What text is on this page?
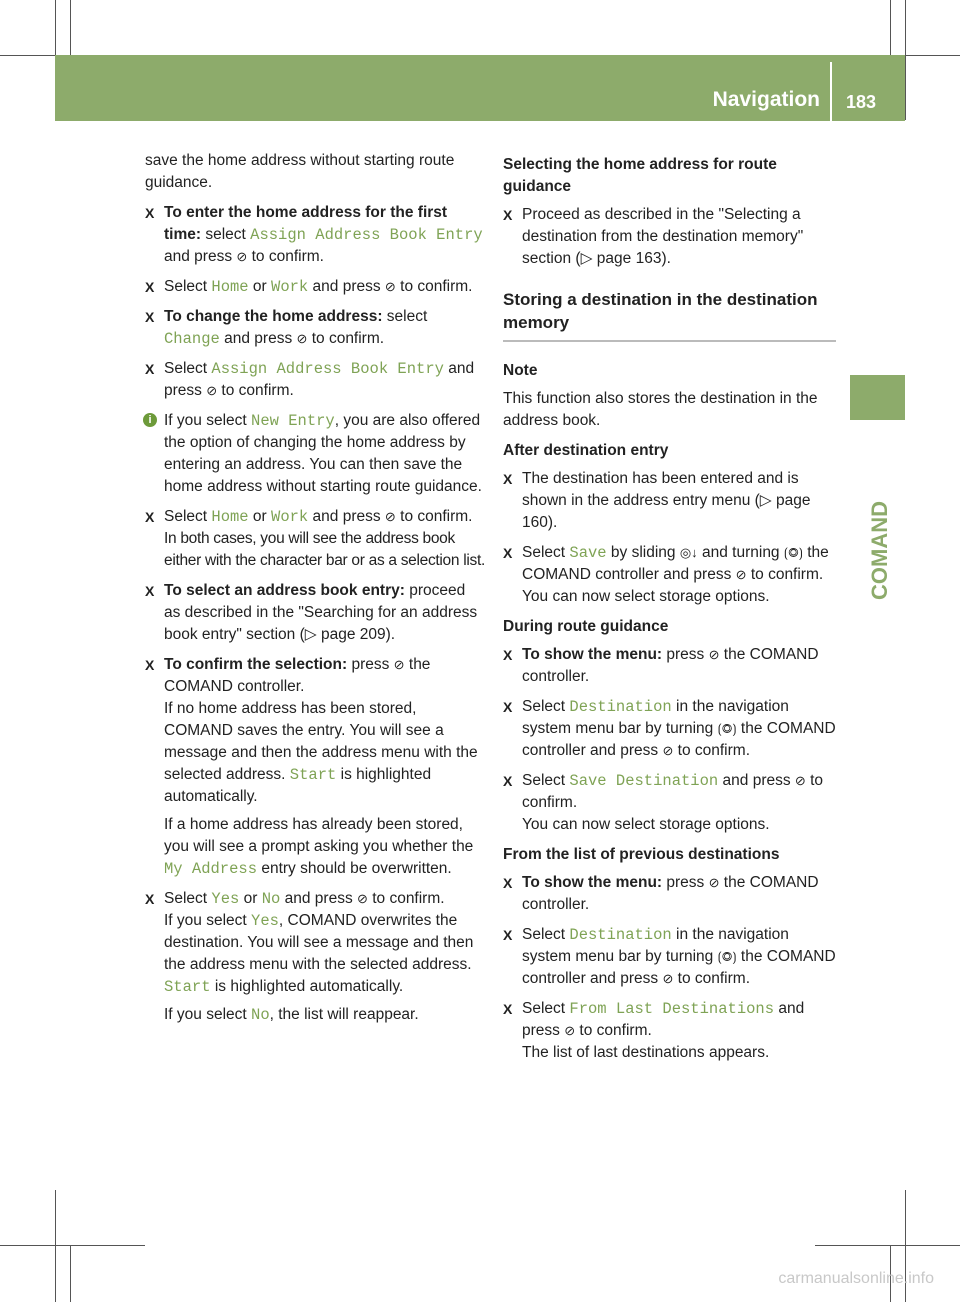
Navigation 183
COMAND

save the home address without starting route guidance.

X To enter the home address for the first time: select Assign Address Book Entry and press ⊘ to confirm.
X Select Home or Work and press ⊘ to confirm.
X To change the home address: select Change and press ⊘ to confirm.
X Select Assign Address Book Entry and press ⊘ to confirm.
i If you select New Entry, you are also offered the option of changing the home address by entering an address. You can then save the home address without starting route guidance.
X Select Home or Work and press ⊘ to confirm.
In both cases, you will see the address book either with the character bar or as a selection list.
X To select an address book entry: proceed as described in the "Searching for an address book entry" section (▷ page 209).
X To confirm the selection: press ⊘ the COMAND controller.
If no home address has been stored, COMAND saves the entry. You will see a message and then the address menu with the selected address. Start is highlighted automatically.
If a home address has already been stored, you will see a prompt asking you whether the My Address entry should be overwritten.
X Select Yes or No and press ⊘ to confirm.
If you select Yes, COMAND overwrites the destination. You will see a message and then the address menu with the selected address. Start is highlighted automatically.
If you select No, the list will reappear.
Selecting the home address for route guidance
X Proceed as described in the "Selecting a destination from the destination memory" section (▷ page 163).
Storing a destination in the destination memory
Note

This function also stores the destination in the address book.

After destination entry
X The destination has been entered and is shown in the address entry menu (▷ page 160).
X Select Save by sliding ◎↓ and turning ⟮◎⟯ the COMAND controller and press ⊘ to confirm.
You can now select storage options.
During route guidance
X To show the menu: press ⊘ the COMAND controller.
X Select Destination in the navigation system menu bar by turning ⟮◎⟯ the COMAND controller and press ⊘ to confirm.
X Select Save Destination and press ⊘ to confirm.
You can now select storage options.
From the list of previous destinations
X To show the menu: press ⊘ the COMAND controller.
X Select Destination in the navigation system menu bar by turning ⟮◎⟯ the COMAND controller and press ⊘ to confirm.
X Select From Last Destinations and press ⊘ to confirm.
The list of last destinations appears.
carmanualsonline.info
